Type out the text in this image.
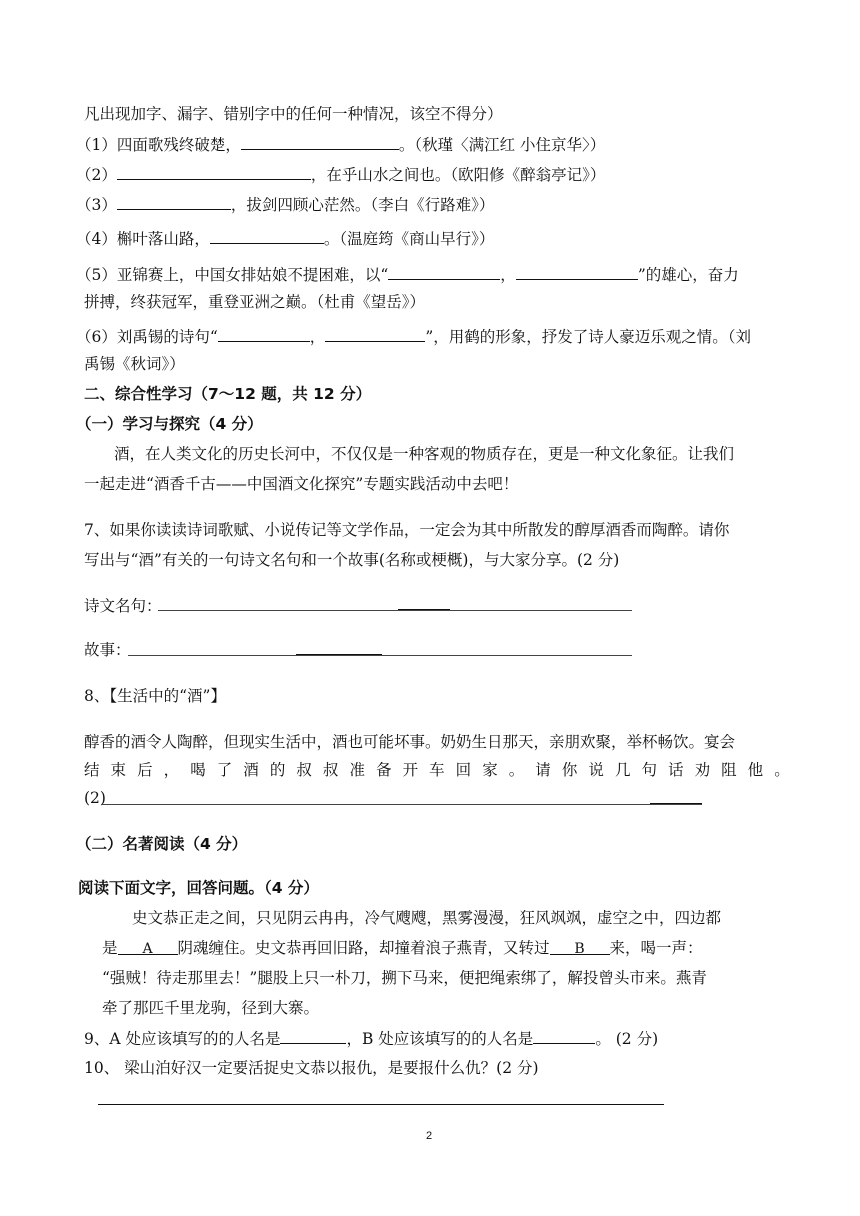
凡出现加字、漏字、错别字中的任何一种情况，该空不得分）
（1）四面歌残终破楚，	。（秋瑾〈满江红 小住京华〉）
（2）	，在乎山水之间也。（欧阳修《醉翁亭记》）
（3）	，拔剑四顾心茫然。（李白《行路难》）
（4）槲叶落山路，	。（温庭筠《商山早行》）
（5）亚锦赛上，中国女排姑娘不提困难，以“	，	”的雄心，奋力
拼搏，终获冠军，重登亚洲之巅。（杜甫《望岳》）
（6）刘禹锡的诗句“	，	”，用鹤的形象，抒发了诗人豪迈乐观之情。（刘
禹锡《秋词》）
二、综合性学习（7～12 题，共 12 分）
（一）学习与探究（4 分）
酒，在人类文化的历史长河中，不仅仅是一种客观的物质存在，更是一种文化象征。让我们
一起走进“酒香千古——中国酒文化探究”专题实践活动中去吧！
7、如果你读读诗词歌赋、小说传记等文学作品，一定会为其中所散发的醇厚酒香而陶醉。请你
写出与“酒”有关的一句诗文名句和一个故事(名称或梗概)，与大家分享。(2 分)
诗文名句：
故事：
8、【生活中的“酒”】
醇香的酒令人陶醉，但现实生活中，酒也可能坏事。奶奶生日那天，亲朋欢聚，举杯畅饮。宴会
结 束 后 ， 喝 了 酒 的 叔 叔 准 备 开 车 回 家 。 请 你 说 几 句 话 劝 阻 他 。
(2)
（二）名著阅读（4 分）
阅读下面文字，回答问题。（4 分）
史文恭正走之间，只见阴云冉冉，冷气飕飕，黑雾漫漫，狂风飒飒，虚空之中，四边都
是 A 阴魂缠住。史文恭再回旧路，却撞着浪子燕青，又转过 B 来，喝一声：
“强贼！待走那里去！”腿股上只一朴刀，搠下马来，便把绳索绑了，解投曾头市来。燕青
牵了那匹千里龙驹，径到大寨。
9、A 处应该填写的的人名是	，B 处应该填写的的人名是	。 (2 分)
10、 梁山泊好汉一定要活捉史文恭以报仇，是要报什么仇？(2 分)
2
